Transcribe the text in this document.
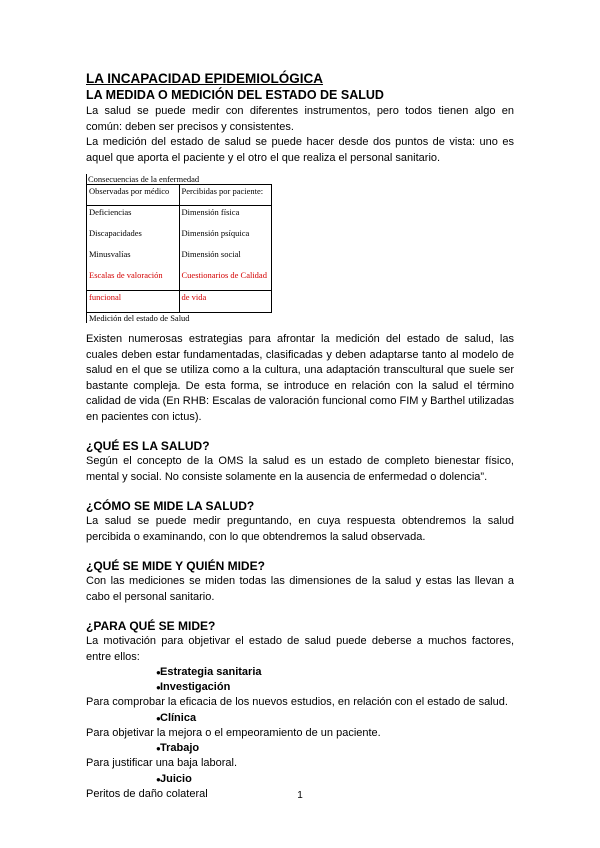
LA INCAPACIDAD EPIDEMIOLÓGICA
LA MEDIDA O MEDICIÓN DEL ESTADO DE SALUD

La salud se puede medir con diferentes instrumentos, pero todos tienen algo en común: deben ser precisos y consistentes.

La medición del estado de salud se puede hacer desde dos puntos de vista: uno es aquel que aporta el paciente y el otro el que realiza el personal sanitario.

Consecuencias de la enfermedad
Observadas por médico	Percibidas por paciente:
Deficiencias	Dimensión física
Discapacidades	Dimensión psíquica
Minusvalías	Dimensión social
Escalas de valoración	Cuestionarios de Calidad
funcional	de vida
Medición del estado de Salud

Existen numerosas estrategias para afrontar la medición del estado de salud, las cuales deben estar fundamentadas, clasificadas y deben adaptarse tanto al modelo de salud en el que se utiliza como a la cultura, una adaptación transcultural que suele ser bastante compleja. De esta forma, se introduce en relación con la salud el término calidad de vida (En RHB: Escalas de valoración funcional como FIM y Barthel utilizadas en pacientes con ictus).

¿QUÉ ES LA SALUD?

Según el concepto de la OMS la salud es un estado de completo bienestar físico, mental y social. No consiste solamente en la ausencia de enfermedad o dolencia”.

¿CÓMO SE MIDE LA SALUD?

La salud se puede medir preguntando, en cuya respuesta obtendremos la salud percibida o examinando, con lo que obtendremos la salud observada.

¿QUÉ SE MIDE Y QUIÉN MIDE?

Con las mediciones se miden todas las dimensiones de la salud y estas las llevan a cabo el personal sanitario.

¿PARA QUÉ SE MIDE?

La motivación para objetivar el estado de salud puede deberse a muchos factores, entre ellos:

● Estrategia sanitaria
● Investigación

Para comprobar la eficacia de los nuevos estudios, en relación con el estado de salud.

● Clínica

Para objetivar la mejora o el empeoramiento de un paciente.

● Trabajo

Para justificar una baja laboral.

● Juicio

Peritos de daño colateral	1
